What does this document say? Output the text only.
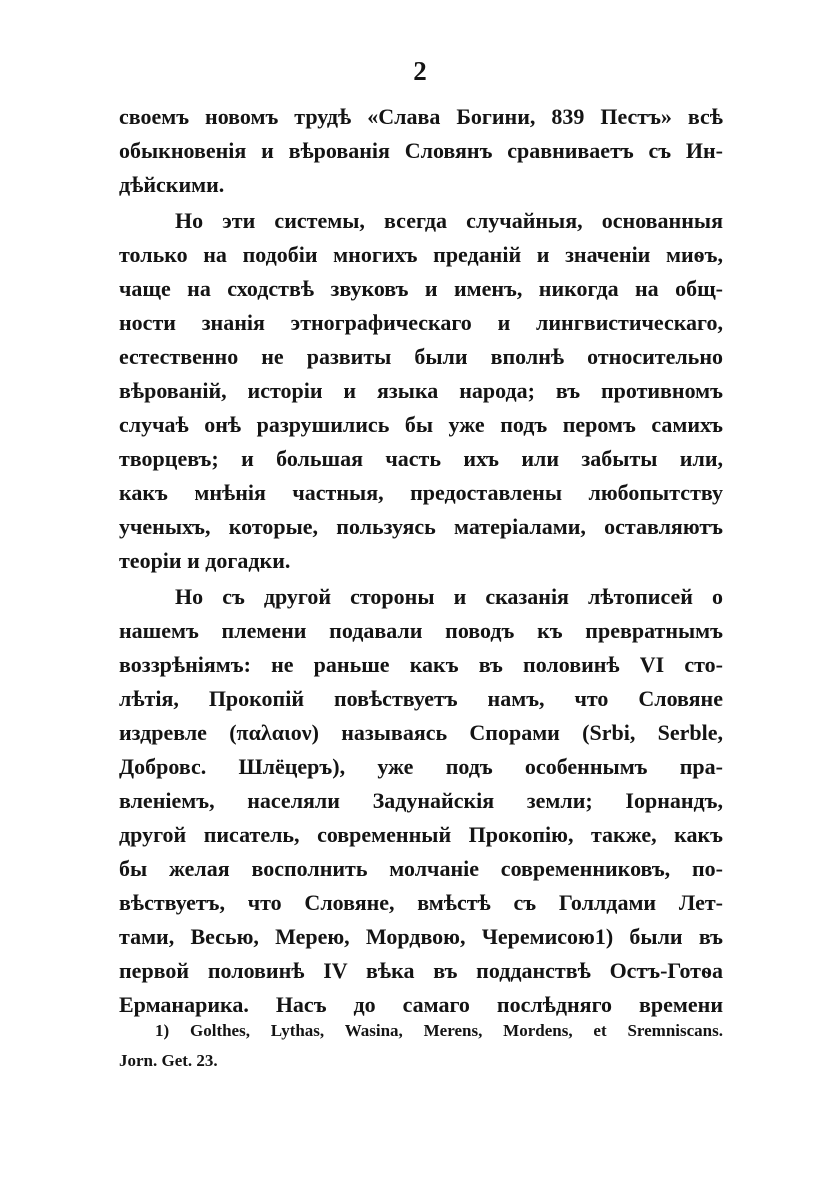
2
своемъ новомъ трудѣ «Слава Богини, 839 Пестъ» всѣ
обыкновенія и вѣрованія Словянъ сравниваетъ съ Ин-
дѣйскими.
Но эти системы, всегда случайныя, основанныя
только на подобіи многихъ преданій и значеніи миѳъ,
чаще на сходствѣ звуковъ и именъ, никогда на общ-
ности знанія этнографическаго и лингвистическаго,
естественно не развиты были вполнѣ относительно
вѣрованій, исторіи и языка народа; въ противномъ
случаѣ онѣ разрушились бы уже подъ перомъ самихъ
творцевъ; и большая часть ихъ или забыты или,
какъ мнѣнія частныя, предоставлены любопытству
ученыхъ, которые, пользуясь матеріалами, оставляютъ
теоріи и догадки.
Но съ другой стороны и сказанія лѣтописей о
нашемъ племени подавали поводъ къ превратнымъ
воззрѣніямъ: не раньше какъ въ половинѣ VI сто-
лѣтія, Прокопій повѣствуетъ намъ, что Словяне
издревле (παλαιον) называясь Спорами (Srbi, Serble,
Добровс. Шлёцеръ), уже подъ особеннымъ пра-
вленіемъ, населяли Задунайскія земли; Іорнандъ,
другой писатель, современный Прокопію, также, какъ
бы желая восполнить молчаніе современниковъ, по-
вѣствуетъ, что Словяне, вмѣстѣ съ Голлдами Лет-
тами, Весью, Мерею, Мордвою, Черемисою1) были въ
первой половинѣ IV вѣка въ подданствѣ Остъ-Готѳа
Ерманарика. Насъ до самаго послѣдняго времени
1) Golthes, Lythas, Wasina, Merens, Mordens, et Sremniscans.
Jorn. Get. 23.
